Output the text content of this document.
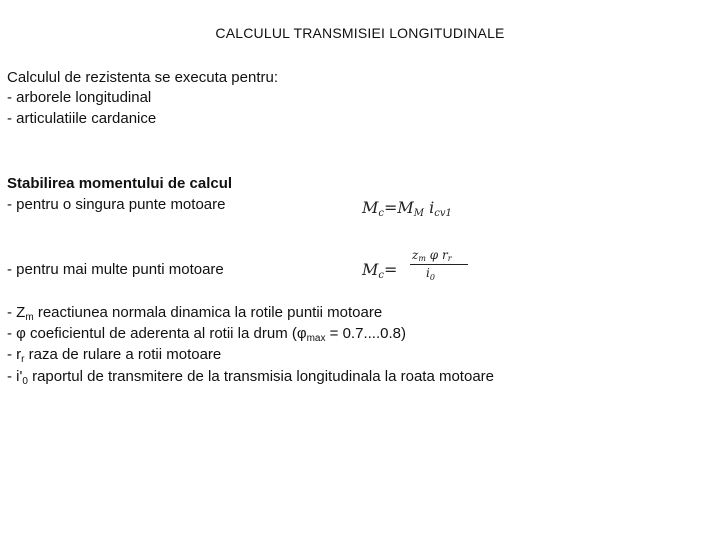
CALCULUL TRANSMISIEI LONGITUDINALE
Calculul de rezistenta se executa pentru:
- arborele longitudinal
- articulatiile cardanice
Stabilirea momentului de calcul
- pentru o singura punte motoare	$M_c=M_M$ $i_{cv1}$
- pentru mai multe punti motoare	$M_c=$
$z_m$ φ $r_r$
$i_0$
- $Z_m$ reactiunea normala dinamica la rotile puntii motoare
- φ coeficientul de aderenta al rotii la drum $(\varphi_{max} = 0.7....0.8)$
- $r_r$ raza de rulare a rotii motoare
- $i'_0$ raportul de transmitere de la transmisia longitudinala la roata motoare
